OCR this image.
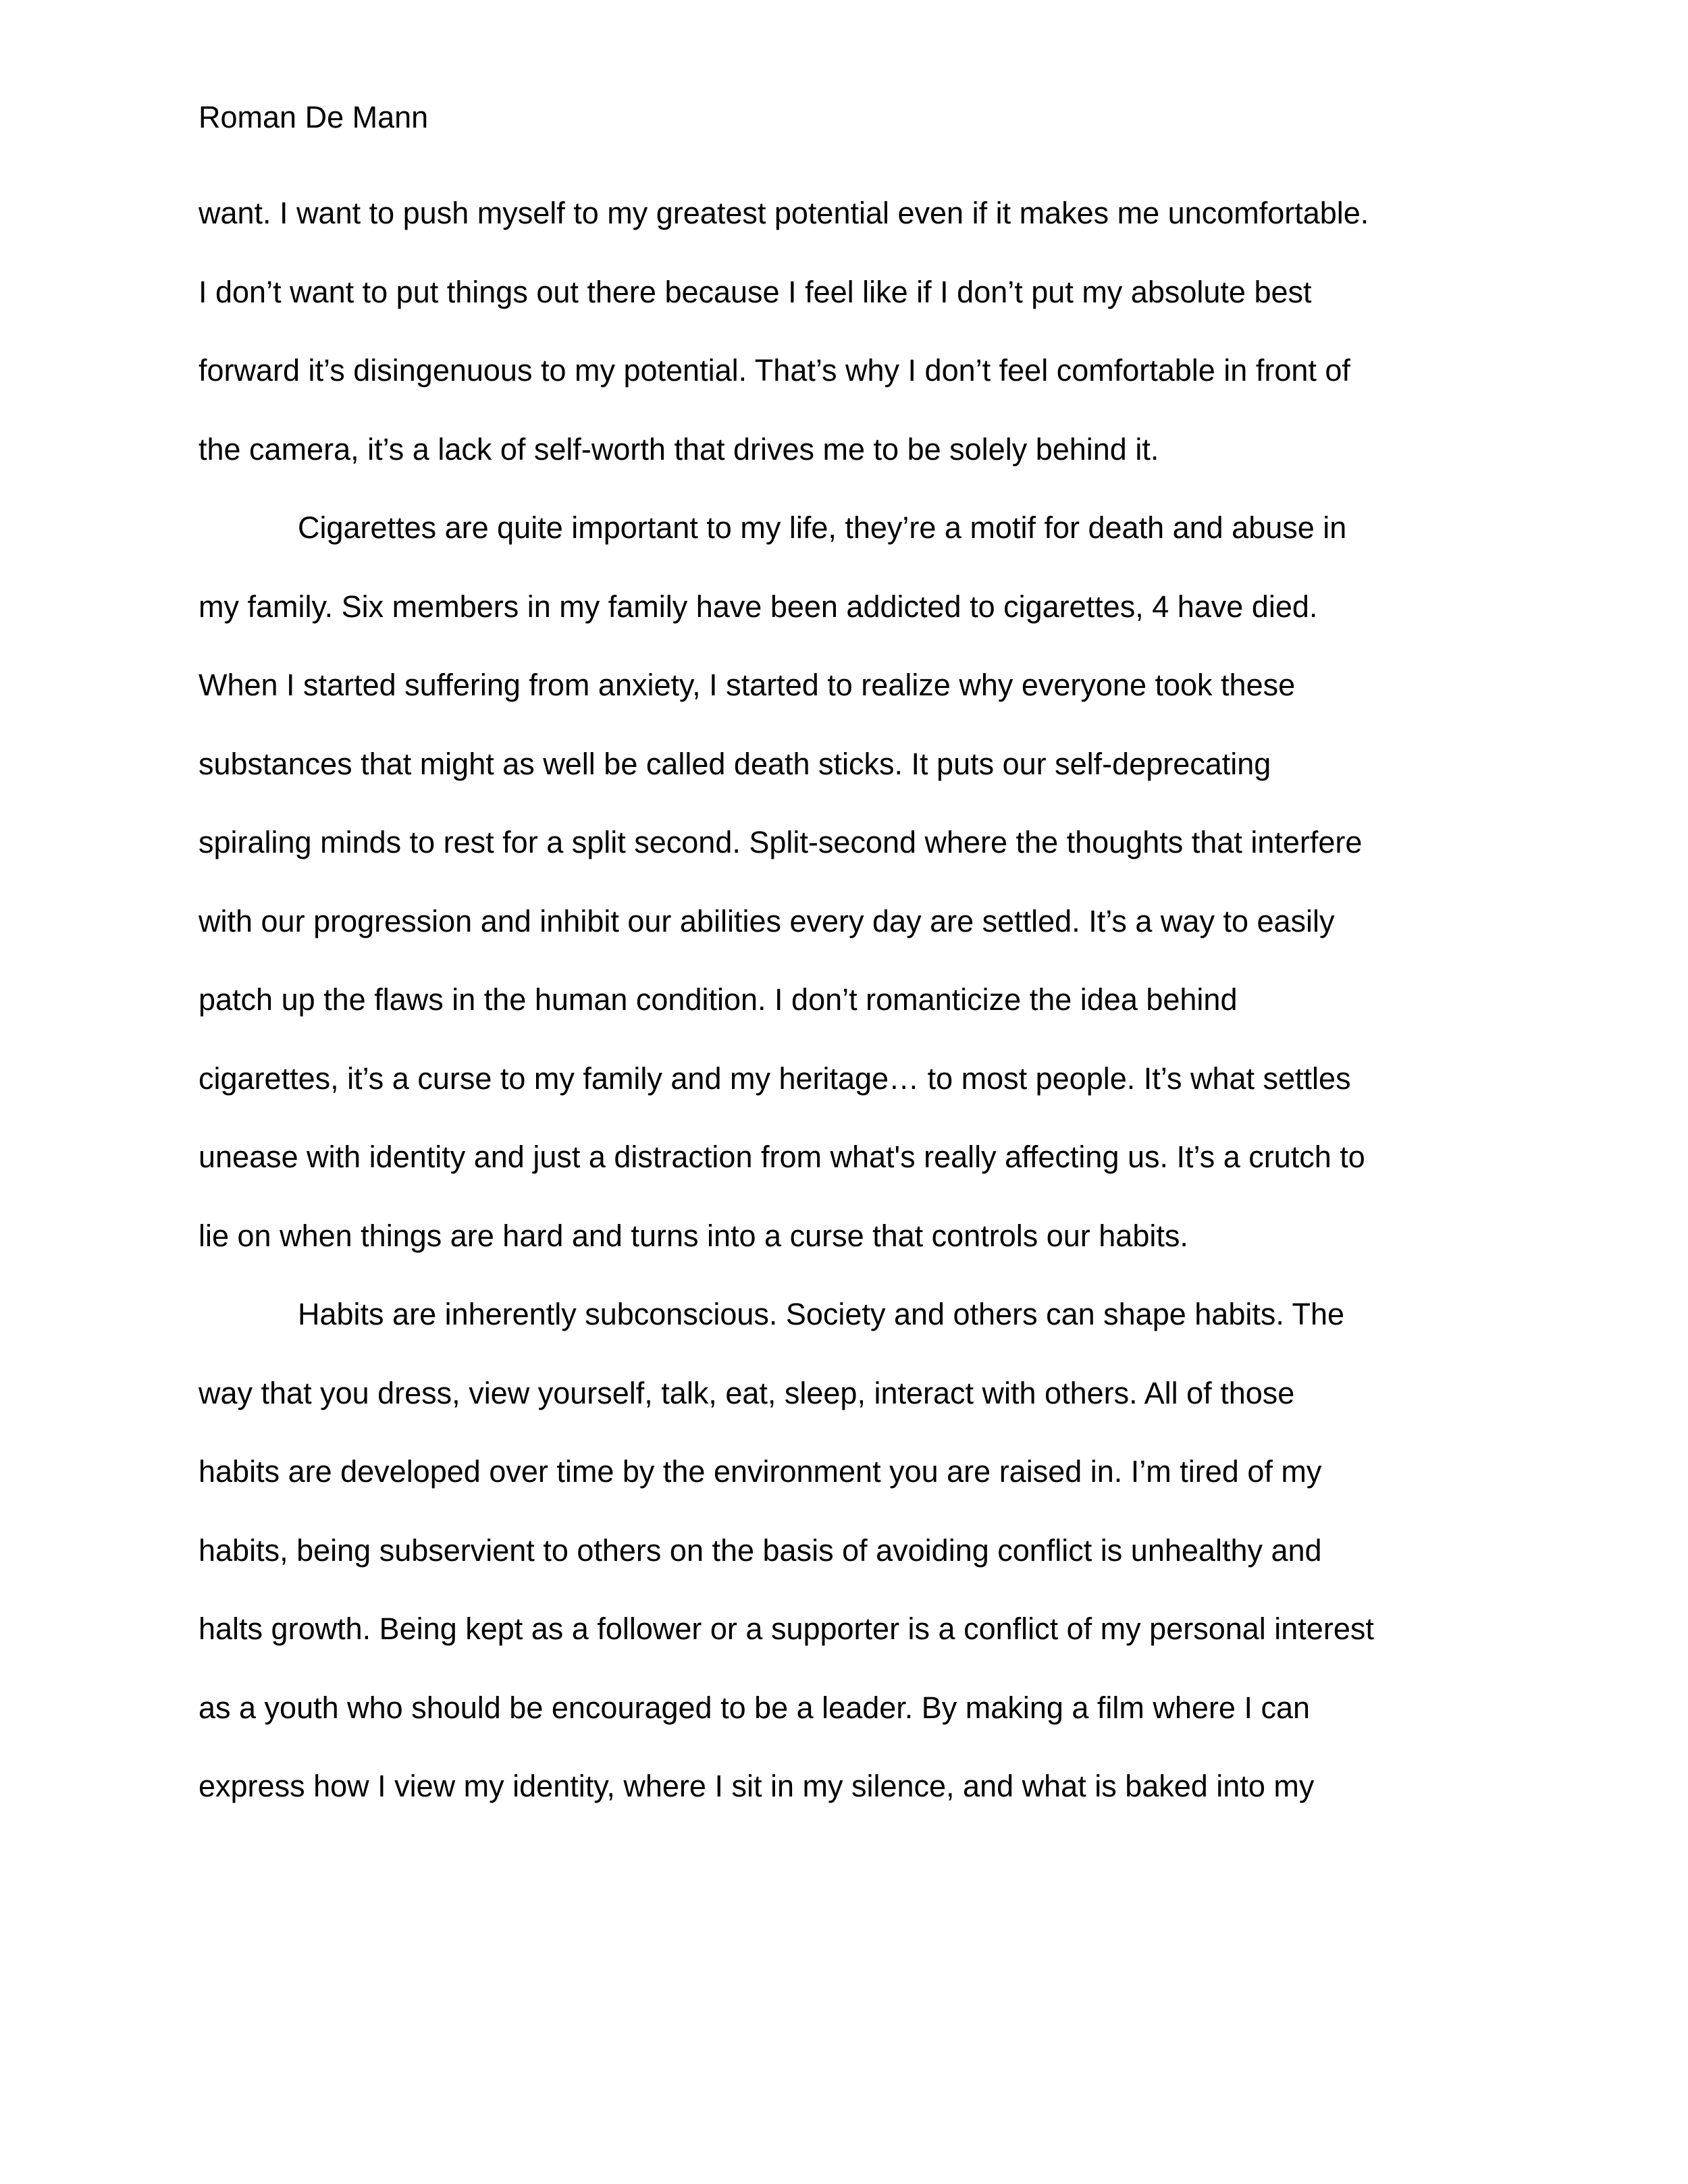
Roman De Mann
want. I want to push myself to my greatest potential even if it makes me uncomfortable.
I don’t want to put things out there because I feel like if I don’t put my absolute best
forward it’s disingenuous to my potential. That’s why I don’t feel comfortable in front of
the camera, it’s a lack of self-worth that drives me to be solely behind it.
Cigarettes are quite important to my life, they’re a motif for death and abuse in
my family. Six members in my family have been addicted to cigarettes, 4 have died.
When I started suffering from anxiety, I started to realize why everyone took these
substances that might as well be called death sticks. It puts our self-deprecating
spiraling minds to rest for a split second. Split-second where the thoughts that interfere
with our progression and inhibit our abilities every day are settled. It’s a way to easily
patch up the flaws in the human condition. I don’t romanticize the idea behind
cigarettes, it’s a curse to my family and my heritage… to most people. It’s what settles
unease with identity and just a distraction from what's really affecting us. It’s a crutch to
lie on when things are hard and turns into a curse that controls our habits.
Habits are inherently subconscious. Society and others can shape habits. The
way that you dress, view yourself, talk, eat, sleep, interact with others. All of those
habits are developed over time by the environment you are raised in. I’m tired of my
habits, being subservient to others on the basis of avoiding conflict is unhealthy and
halts growth. Being kept as a follower or a supporter is a conflict of my personal interest
as a youth who should be encouraged to be a leader. By making a film where I can
express how I view my identity, where I sit in my silence, and what is baked into my
